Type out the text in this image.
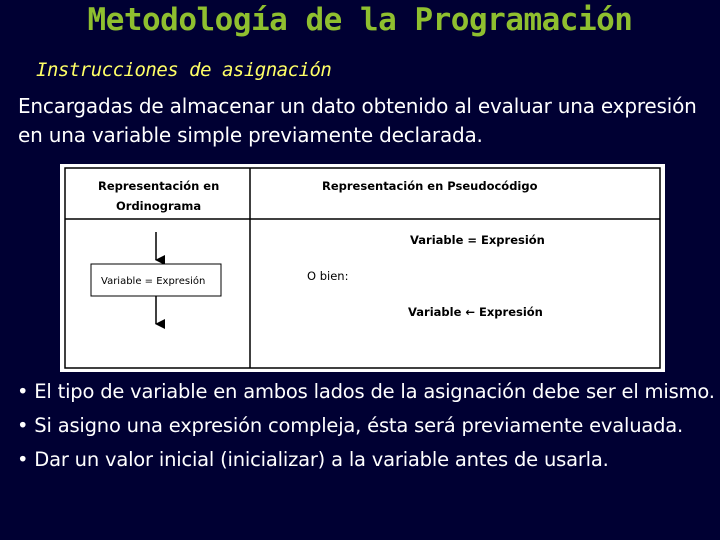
Metodología de la Programación
Instrucciones de asignación
Encargadas de almacenar un dato obtenido al evaluar una expresión en una variable simple previamente declarada.
Representación en
Ordinograma
Representación en Pseudocódigo
Variable = Expresión
Variable = Expresión
O bien:
Variable ← Expresión
• El tipo de variable en ambos lados de la asignación debe ser el mismo.
• Si asigno una expresión compleja, ésta será previamente evaluada.
• Dar un valor inicial (inicializar) a la variable antes de usarla.
